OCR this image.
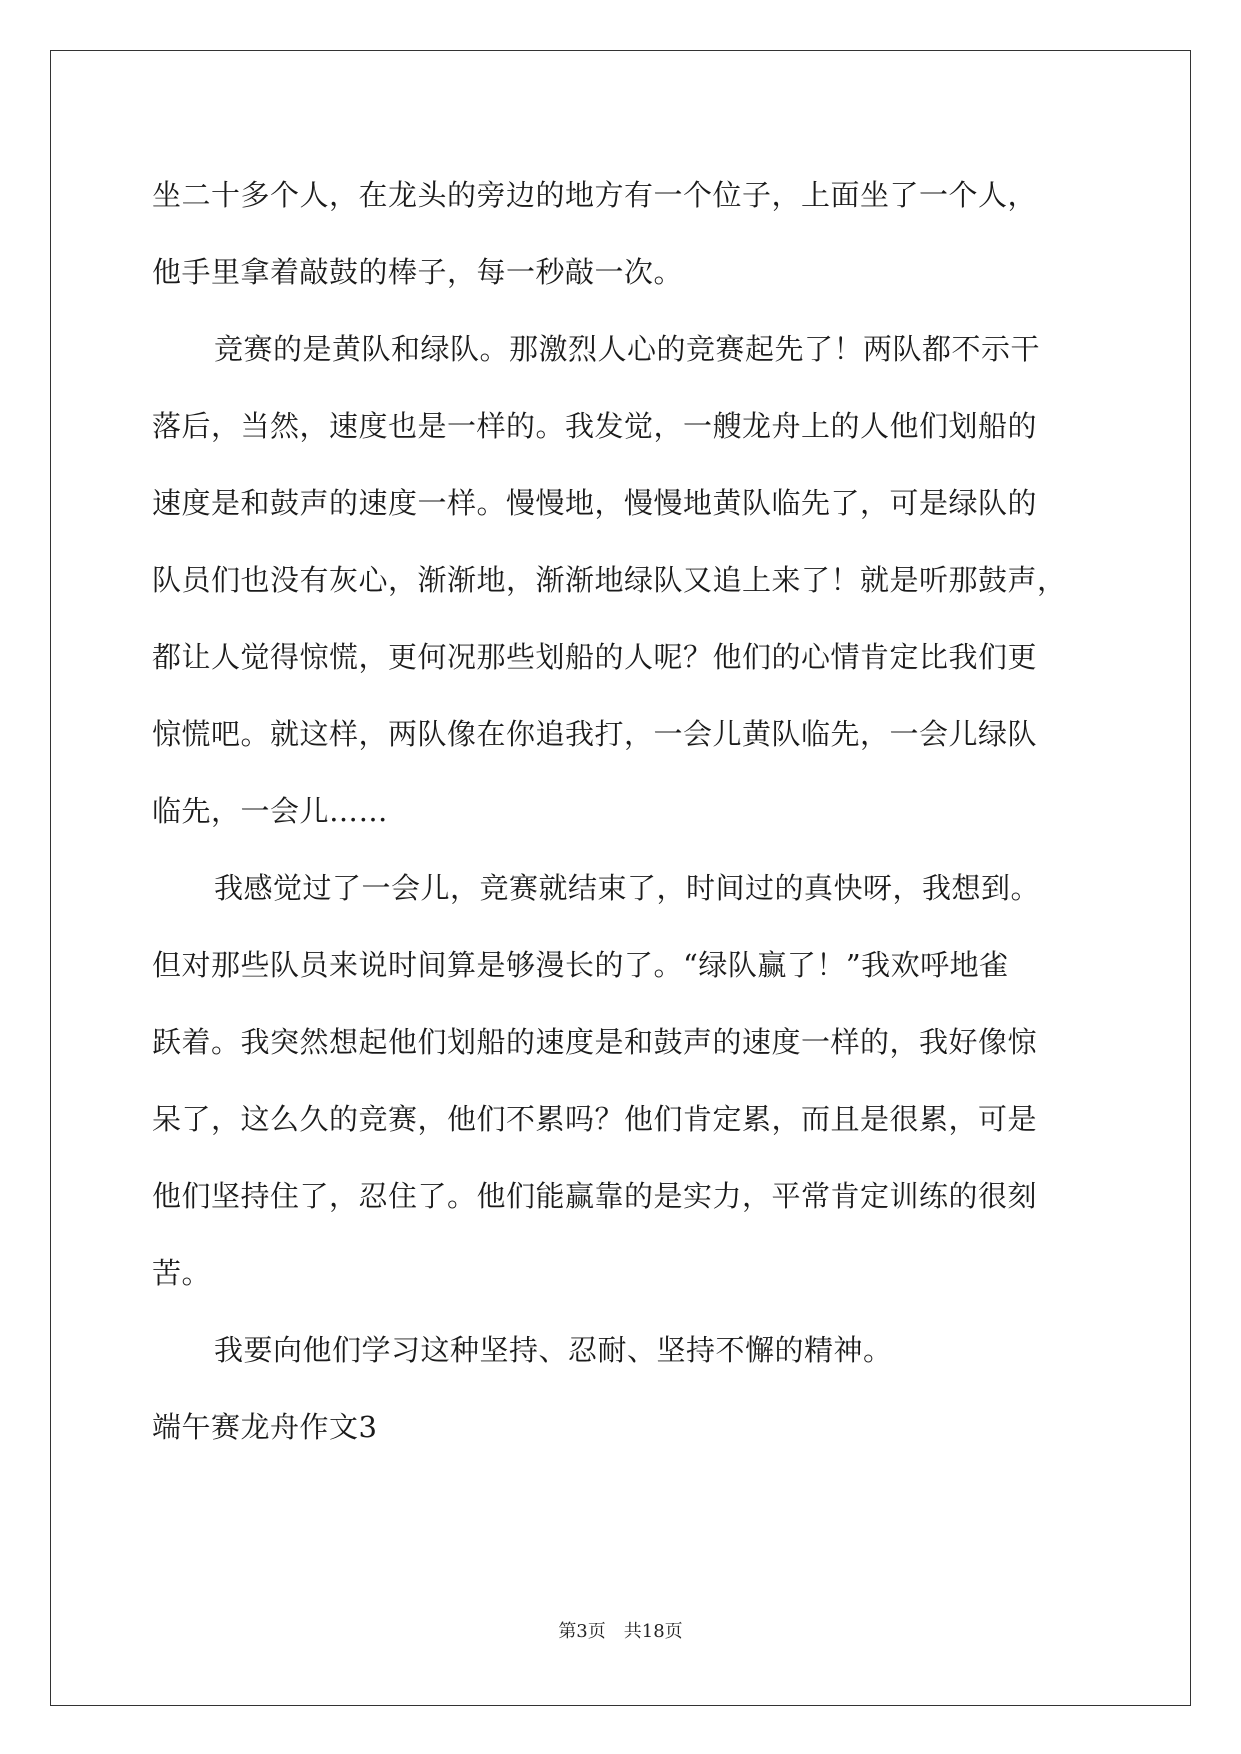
坐二十多个人，在龙头的旁边的地方有一个位子，上面坐了一个人，
他手里拿着敲鼓的棒子，每一秒敲一次。
竞赛的是黄队和绿队。那激烈人心的竞赛起先了！两队都不示干
落后，当然，速度也是一样的。我发觉，一艘龙舟上的人他们划船的
速度是和鼓声的速度一样。慢慢地，慢慢地黄队临先了，可是绿队的
队员们也没有灰心，渐渐地，渐渐地绿队又追上来了！就是听那鼓声，
都让人觉得惊慌，更何况那些划船的人呢？他们的心情肯定比我们更
惊慌吧。就这样，两队像在你追我打，一会儿黄队临先，一会儿绿队
临先，一会儿……
我感觉过了一会儿，竞赛就结束了，时间过的真快呀，我想到。
但对那些队员来说时间算是够漫长的了。“绿队赢了！”我欢呼地雀
跃着。我突然想起他们划船的速度是和鼓声的速度一样的，我好像惊
呆了，这么久的竞赛，他们不累吗？他们肯定累，而且是很累，可是
他们坚持住了，忍住了。他们能赢靠的是实力，平常肯定训练的很刻
苦。
我要向他们学习这种坚持、忍耐、坚持不懈的精神。
端午赛龙舟作文3
第3页 共18页
